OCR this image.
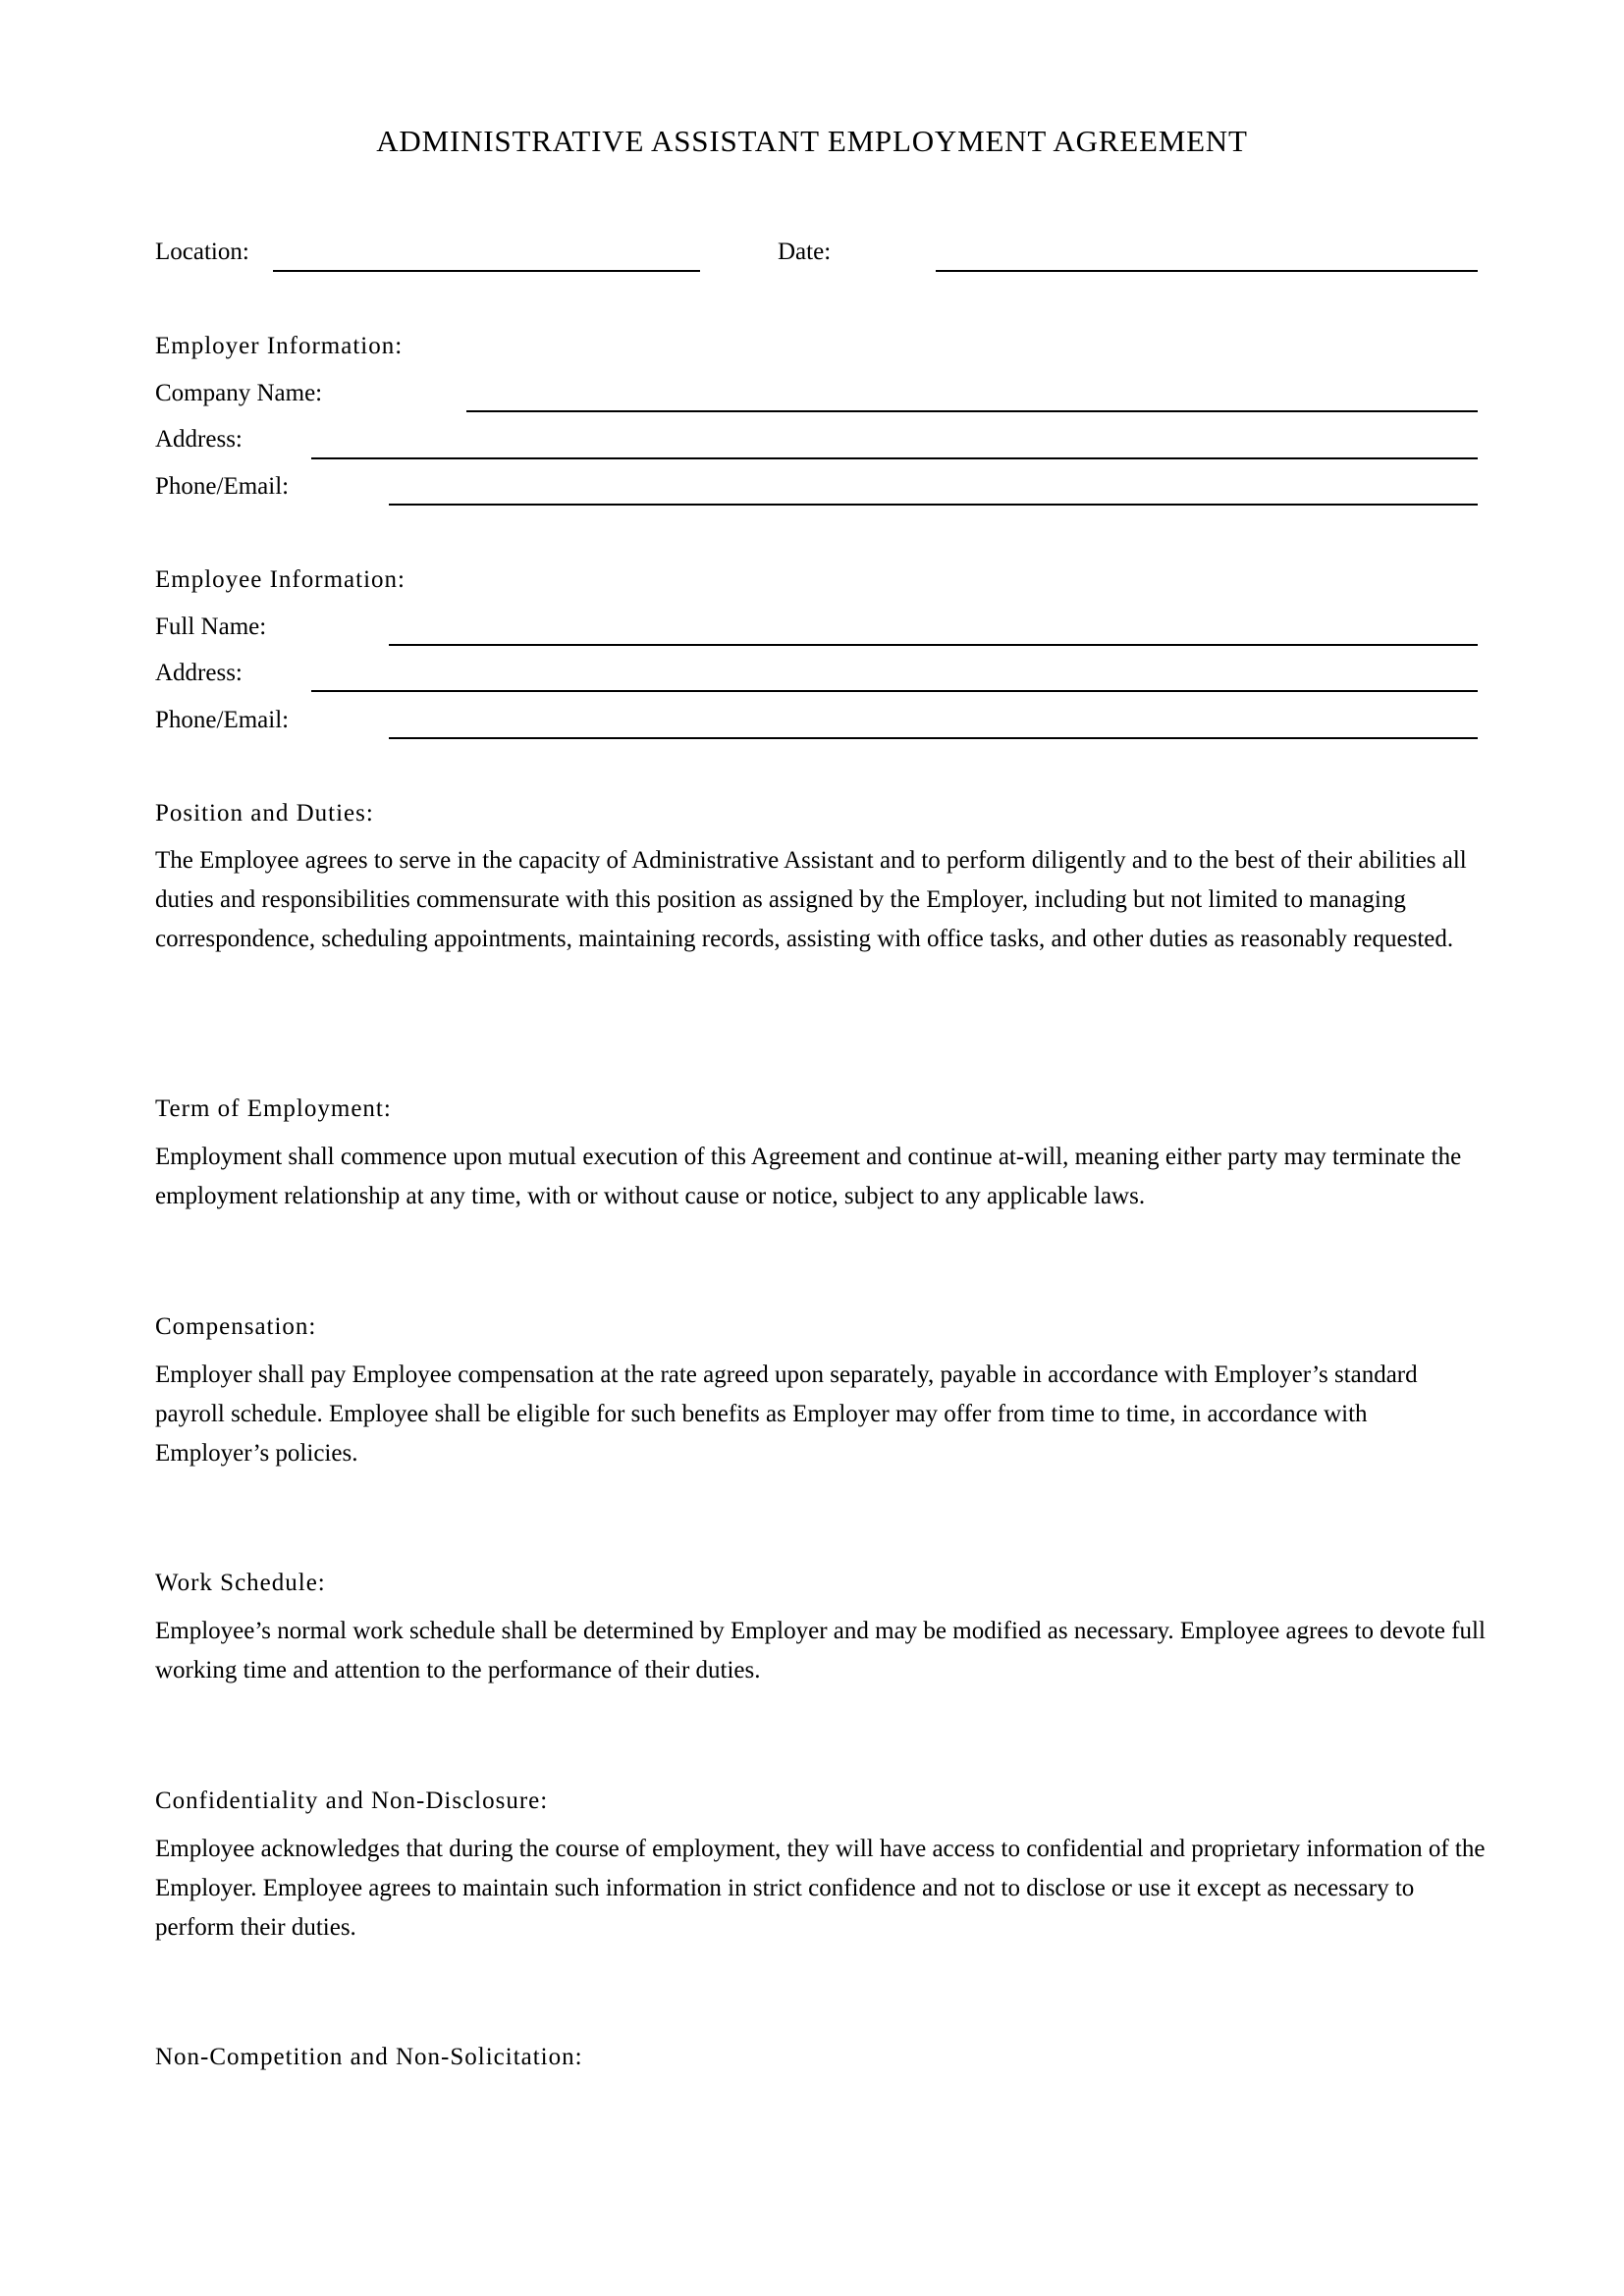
ADMINISTRATIVE ASSISTANT EMPLOYMENT AGREEMENT
Location:	Date:
Employer Information:
Company Name:
Address:
Phone/Email:
Employee Information:
Full Name:
Address:
Phone/Email:
Position and Duties:
The Employee agrees to serve in the capacity of Administrative Assistant and to perform diligently and to the best of their abilities all duties and responsibilities commensurate with this position as assigned by the Employer, including but not limited to managing correspondence, scheduling appointments, maintaining records, assisting with office tasks, and other duties as reasonably requested.
Term of Employment:
Employment shall commence upon mutual execution of this Agreement and continue at-will, meaning either party may terminate the employment relationship at any time, with or without cause or notice, subject to any applicable laws.
Compensation:
Employer shall pay Employee compensation at the rate agreed upon separately, payable in accordance with Employer’s standard payroll schedule. Employee shall be eligible for such benefits as Employer may offer from time to time, in accordance with Employer’s policies.
Work Schedule:
Employee’s normal work schedule shall be determined by Employer and may be modified as necessary. Employee agrees to devote full working time and attention to the performance of their duties.
Confidentiality and Non-Disclosure:
Employee acknowledges that during the course of employment, they will have access to confidential and proprietary information of the Employer. Employee agrees to maintain such information in strict confidence and not to disclose or use it except as necessary to perform their duties.
Non-Competition and Non-Solicitation:
